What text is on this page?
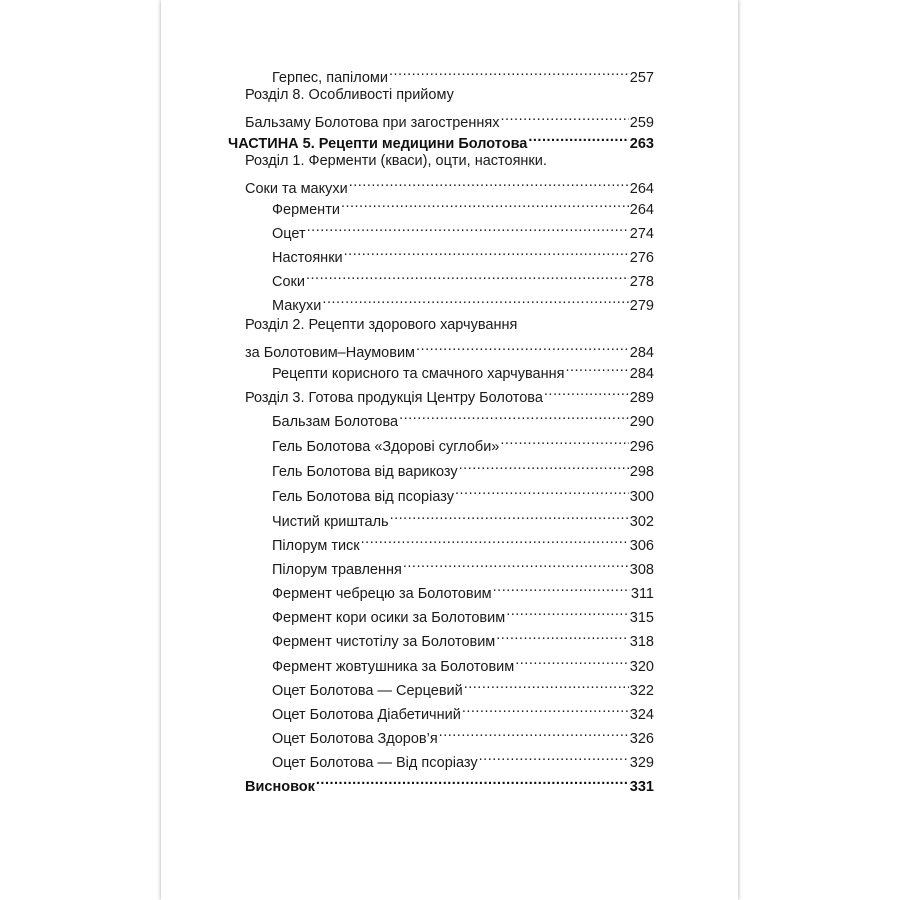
Герпес, папіломи .....	257
Розділ 8. Особливості прийому
Бальзаму Болотова при загостреннях .....	259
ЧАСТИНА 5. Рецепти медицини Болотова .....	263
Розділ 1. Ферменти (кваси), оцти, настоянки.
Соки та макухи .....	264
Ферменти .....	264
Оцет .....	274
Настоянки .....	276
Соки .....	278
Макухи .....	279
Розділ 2. Рецепти здорового харчування
за Болотовим–Наумовим .....	284
Рецепти корисного та смачного харчування .....	284
Розділ 3. Готова продукція Центру Болотова .....	289
Бальзам Болотова .....	290
Гель Болотова «Здорові суглоби» .....	296
Гель Болотова від варикозу .....	298
Гель Болотова від псоріазу .....	300
Чистий кришталь .....	302
Пілорум тиск .....	306
Пілорум травлення .....	308
Фермент чебрецю за Болотовим .....	311
Фермент кори осики за Болотовим .....	315
Фермент чистотілу за Болотовим .....	318
Фермент жовтушника за Болотовим .....	320
Оцет Болотова — Серцевий .....	322
Оцет Болотова Діабетичний .....	324
Оцет Болотова Здоров’я .....	326
Оцет Болотова — Від псоріазу .....	329
Висновок .....	331
